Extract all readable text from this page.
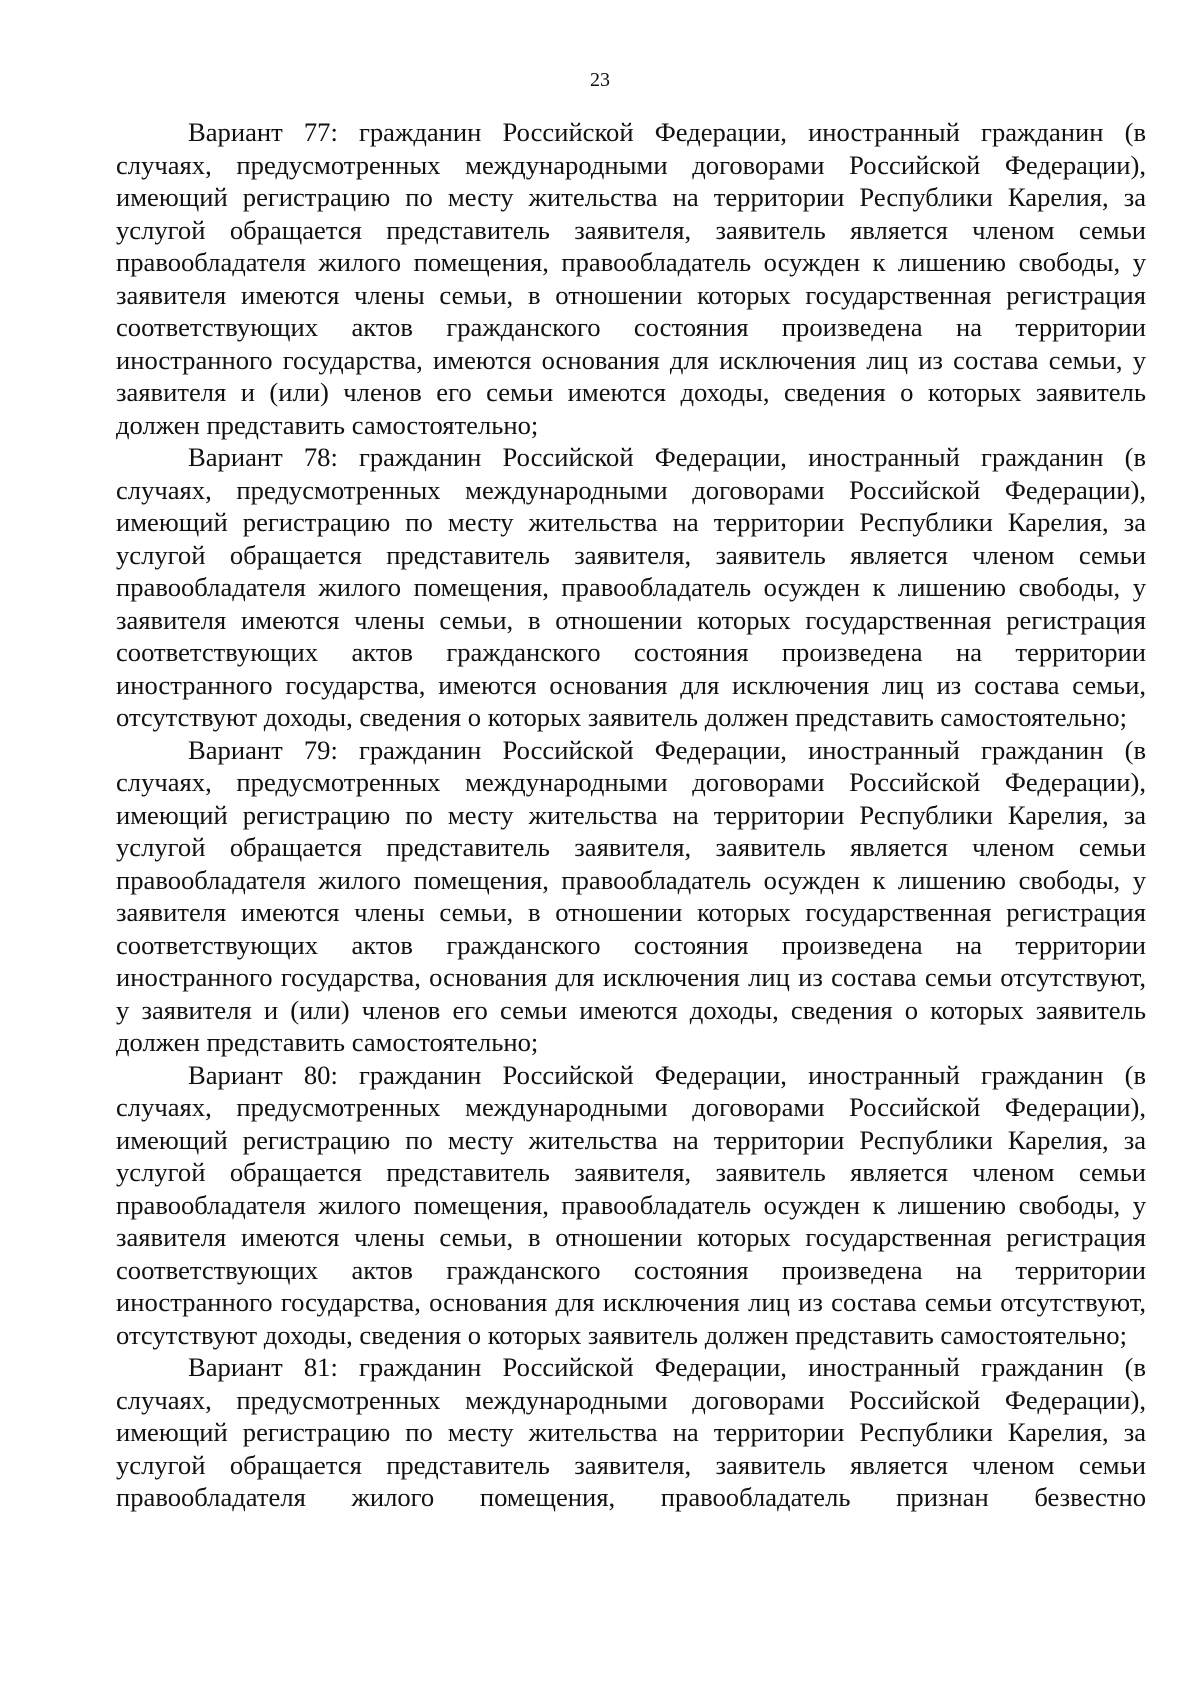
23

Вариант 77: гражданин Российской Федерации, иностранный гражданин (в случаях, предусмотренных международными договорами Российской Федерации), имеющий регистрацию по месту жительства на территории Республики Карелия, за услугой обращается представитель заявителя, заявитель является членом семьи правообладателя жилого помещения, правообладатель осужден к лишению свободы, у заявителя имеются члены семьи, в отношении которых государственная регистрация соответствующих актов гражданского состояния произведена на территории иностранного государства, имеются основания для исключения лиц из состава семьи, у заявителя и (или) членов его семьи имеются доходы, сведения о которых заявитель должен представить самостоятельно;

Вариант 78: гражданин Российской Федерации, иностранный гражданин (в случаях, предусмотренных международными договорами Российской Федерации), имеющий регистрацию по месту жительства на территории Республики Карелия, за услугой обращается представитель заявителя, заявитель является членом семьи правообладателя жилого помещения, правообладатель осужден к лишению свободы, у заявителя имеются члены семьи, в отношении которых государственная регистрация соответствующих актов гражданского состояния произведена на территории иностранного государства, имеются основания для исключения лиц из состава семьи, отсутствуют доходы, сведения о которых заявитель должен представить самостоятельно;

Вариант 79: гражданин Российской Федерации, иностранный гражданин (в случаях, предусмотренных международными договорами Российской Федерации), имеющий регистрацию по месту жительства на территории Республики Карелия, за услугой обращается представитель заявителя, заявитель является членом семьи правообладателя жилого помещения, правообладатель осужден к лишению свободы, у заявителя имеются члены семьи, в отношении которых государственная регистрация соответствующих актов гражданского состояния произведена на территории иностранного государства, основания для исключения лиц из состава семьи отсутствуют, у заявителя и (или) членов его семьи имеются доходы, сведения о которых заявитель должен представить самостоятельно;

Вариант 80: гражданин Российской Федерации, иностранный гражданин (в случаях, предусмотренных международными договорами Российской Федерации), имеющий регистрацию по месту жительства на территории Республики Карелия, за услугой обращается представитель заявителя, заявитель является членом семьи правообладателя жилого помещения, правообладатель осужден к лишению свободы, у заявителя имеются члены семьи, в отношении которых государственная регистрация соответствующих актов гражданского состояния произведена на территории иностранного государства, основания для исключения лиц из состава семьи отсутствуют, отсутствуют доходы, сведения о которых заявитель должен представить самостоятельно;

Вариант 81: гражданин Российской Федерации, иностранный гражданин (в случаях, предусмотренных международными договорами Российской Федерации), имеющий регистрацию по месту жительства на территории Республики Карелия, за услугой обращается представитель заявителя, заявитель является членом семьи правообладателя жилого помещения, правообладатель признан безвестно
